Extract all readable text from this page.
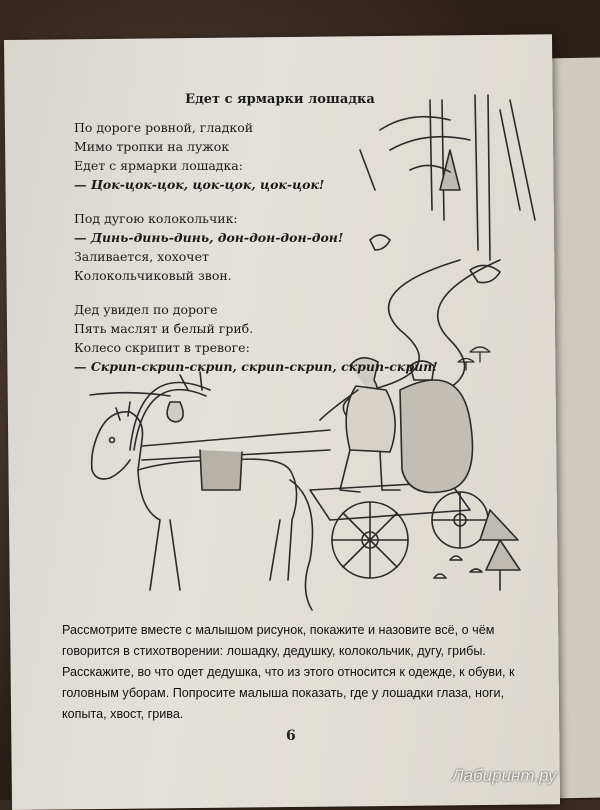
Едет с ярмарки лошадка
По дороге ровной, гладкой
Мимо тропки на лужок
Едет с ярмарки лошадка:
— Цок-цок-цок, цок-цок, цок-цок!
Под дугою колокольчик:
— Динь-динь-динь, дон-дон-дон-дон!
Заливается, хохочет
Колокольчиковый звон.
Дед увидел по дороге
Пять маслят и белый гриб.
Колесо скрипит в тревоге:
— Скрип-скрип-скрип, скрип-скрип, скрип-скрип!
Рассмотрите вместе с малышом рисунок, покажите и назовите всё, о чём говорится в стихотворении: лошадку, дедушку, колокольчик, дугу, грибы. Расскажите, во что одет дедушка, что из этого относится к одежде, к обуви, к головным уборам. Попросите малыша показать, где у лошадки глаза, ноги, копыта, хвост, грива.
6
Лабиринт.ру
